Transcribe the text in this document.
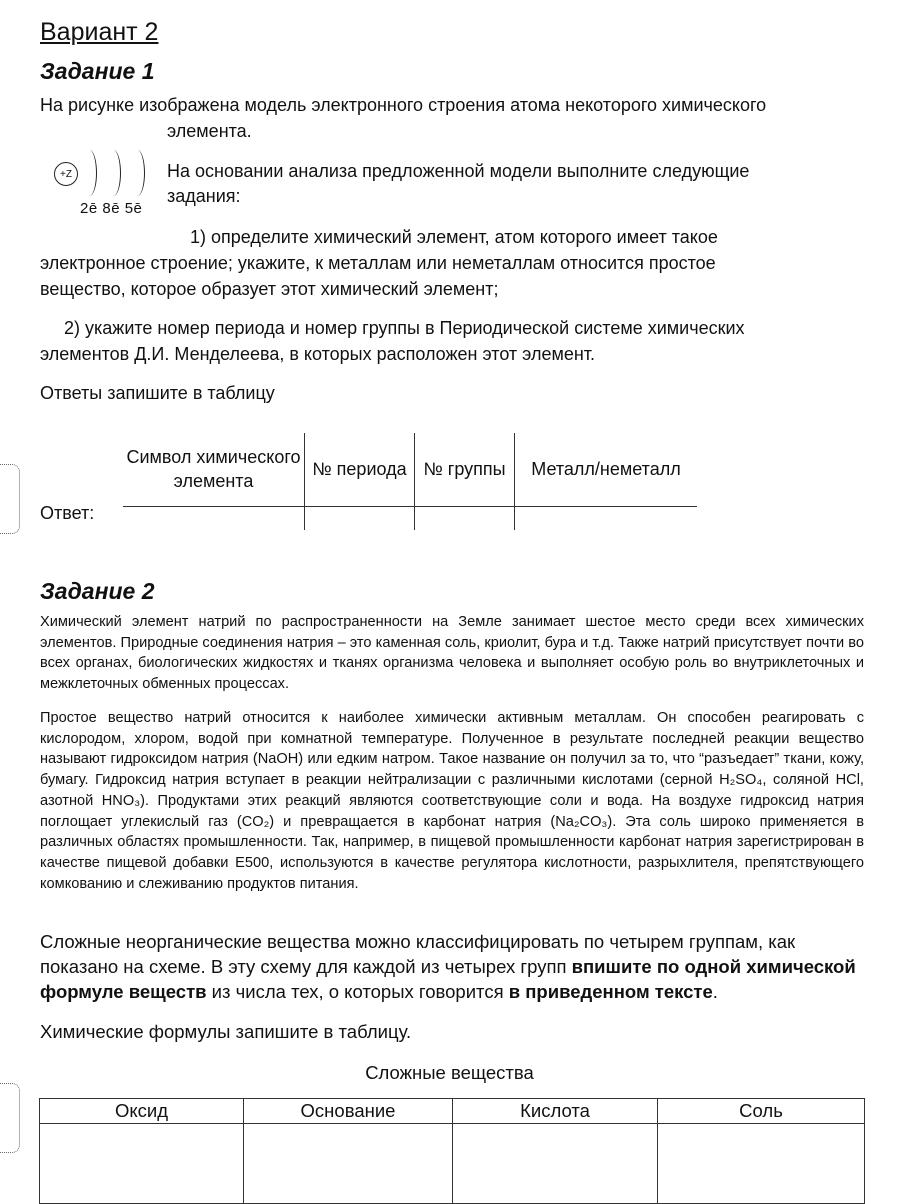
Вариант 2
Задание 1
На рисунке изображена модель электронного строения атома некоторого химического
элемента.
+Z
2ē 8ē 5ē
На основании анализа предложенной модели выполните следующие
задания:
1) определите химический элемент, атом которого имеет такое
электронное строение; укажите, к металлам или неметаллам относится простое
вещество, которое образует этот химический элемент;
2) укажите номер периода и номер группы в Периодической системе химических
элементов Д.И. Менделеева, в которых расположен этот элемент.
Ответы запишите в таблицу
Ответ:
Символ химического элемента	№ периода	№ группы	Металл/неметалл

Задание 2

Химический элемент натрий по распространенности на Земле занимает шестое место среди всех химических элементов. Природные соединения натрия – это каменная соль, криолит, бура и т.д. Также натрий присутствует почти во всех органах, биологических жидкостях и тканях организма человека и выполняет особую роль во внутриклеточных и межклеточных обменных процессах.

Простое вещество натрий относится к наиболее химически активным металлам. Он способен реагировать с кислородом, хлором, водой при комнатной температуре. Полученное в результате последней реакции вещество называют гидроксидом натрия (NaOH) или едким натром. Такое название он получил за то, что “разъедает” ткани, кожу, бумагу. Гидроксид натрия вступает в реакции нейтрализации с различными кислотами (серной H₂SO₄, соляной HCl, азотной HNO₃). Продуктами этих реакций являются соответствующие соли и вода. На воздухе гидроксид натрия поглощает углекислый газ (CO₂) и превращается в карбонат натрия (Na₂CO₃). Эта соль широко применяется в различных областях промышленности. Так, например, в пищевой промышленности карбонат натрия зарегистрирован в качестве пищевой добавки E500, используются в качестве регулятора кислотности, разрыхлителя, препятствующего комкованию и слеживанию продуктов питания.

Сложные неорганические вещества можно классифицировать по четырем группам, как показано на схеме. В эту схему для каждой из четырех групп впишите по одной химической формуле веществ из числа тех, о которых говорится в приведенном тексте.
Химические формулы запишите в таблицу.
Сложные вещества
Оксид	Основание	Кислота	Соль
